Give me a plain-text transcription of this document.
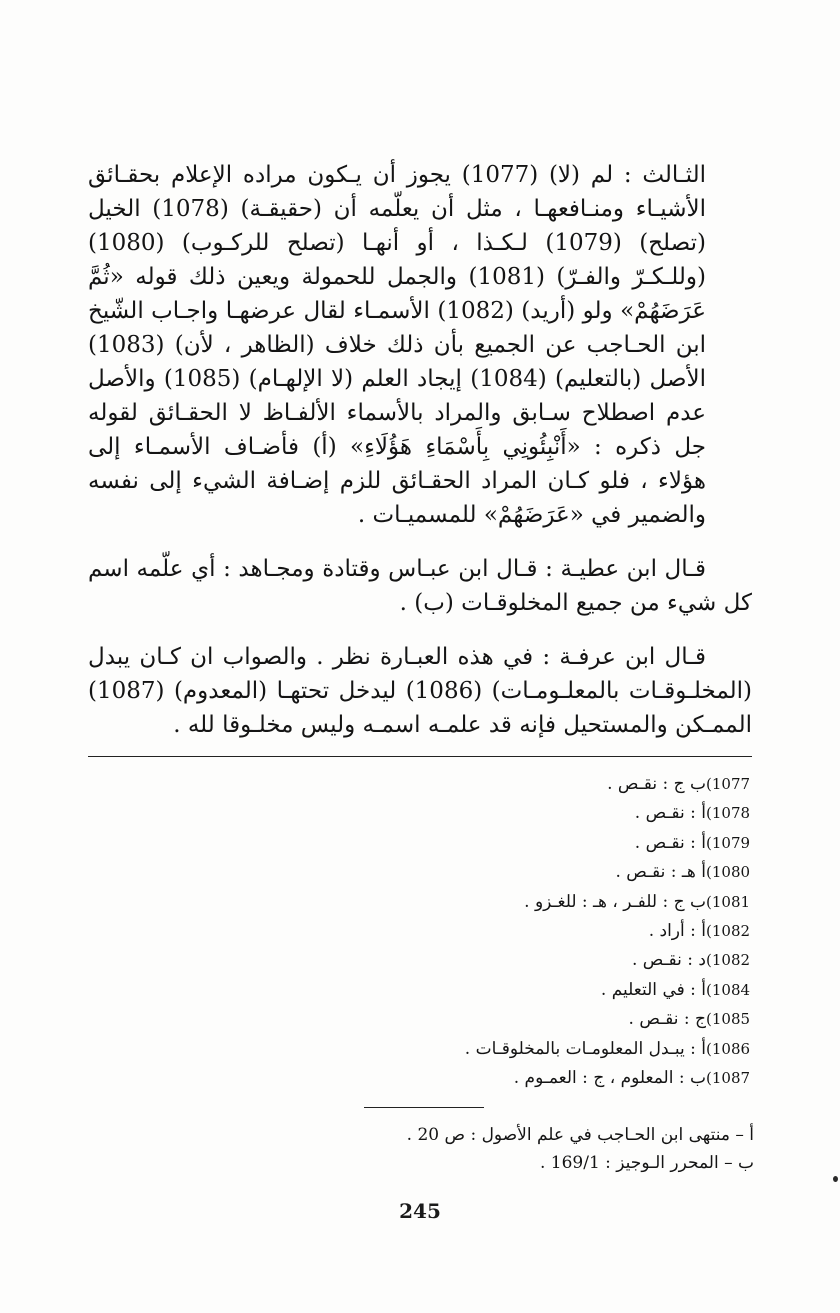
الثـالث : لم (لا) (1077) يجوز أن يـكون مراده الإعلام بحقـائق الأشيـاء ومنـافعهـا ، مثل أن يعلّمه أن (حقيقـة) (1078) الخيل (تصلح) (1079) لـكـذا ، أو أنهـا (تصلح للركـوب) (1080) (وللـكـرّ والفـرّ) (1081) والجمل للحمولة ويعين ذلك قوله «ثُمَّ عَرَضَهُمْ» ولو (أريد) (1082) الأسمـاء لقال عرضهـا واجـاب الشّيخ ابن الحـاجب عن الجميع بأن ذلك خلاف (الظاهر ، لأن) (1083) الأصل (بالتعليم) (1084) إيجاد العلم (لا الإلهـام) (1085) والأصل عدم اصطلاح سـابق والمراد بالأسماء الألفـاظ لا الحقـائق لقوله جل ذكره : «أَنْبِئُونِي بِأَسْمَاءِ هَؤُلَاءِ» (أ) فأضـاف الأسمـاء إلى هؤلاء ، فلو كـان المراد الحقـائق للزم إضـافة الشيء إلى نفسه والضمير في «عَرَضَهُمْ» للمسميـات .

قـال ابن عطيـة : قـال ابن عبـاس وقتادة ومجـاهد : أي علّمه اسم كل شيء من جميع المخلوقـات (ب) .

قـال ابن عرفـة : في هذه العبـارة نظر . والصواب ان كـان يبدل (المخلـوقـات بالمعلـومـات) (1086) ليدخل تحتهـا (المعدوم) (1087) الممـكن والمستحيل فإنه قد علمـه اسمـه وليس مخلـوقا لله .

(1077
ب ج : نقـص .
(1078
أ : نقـص .
(1079
أ : نقـص .
(1080
أ هـ : نقـص .
(1081
ب ج : للفـر ، هـ : للغـزو .
(1082
أ : أراد .
(1082
د : نقـص .
(1084
أ : في التعليم .
(1085
ج : نقـص .
(1086
أ : يبـدل المعلومـات بالمخلوقـات .
(1087
ب : المعلوم ، ج : العمـوم .
أ – منتهى ابن الحـاجب في علم الأصول : ص 20 .
ب – المحرر الـوجيز : 169/1 .
245
